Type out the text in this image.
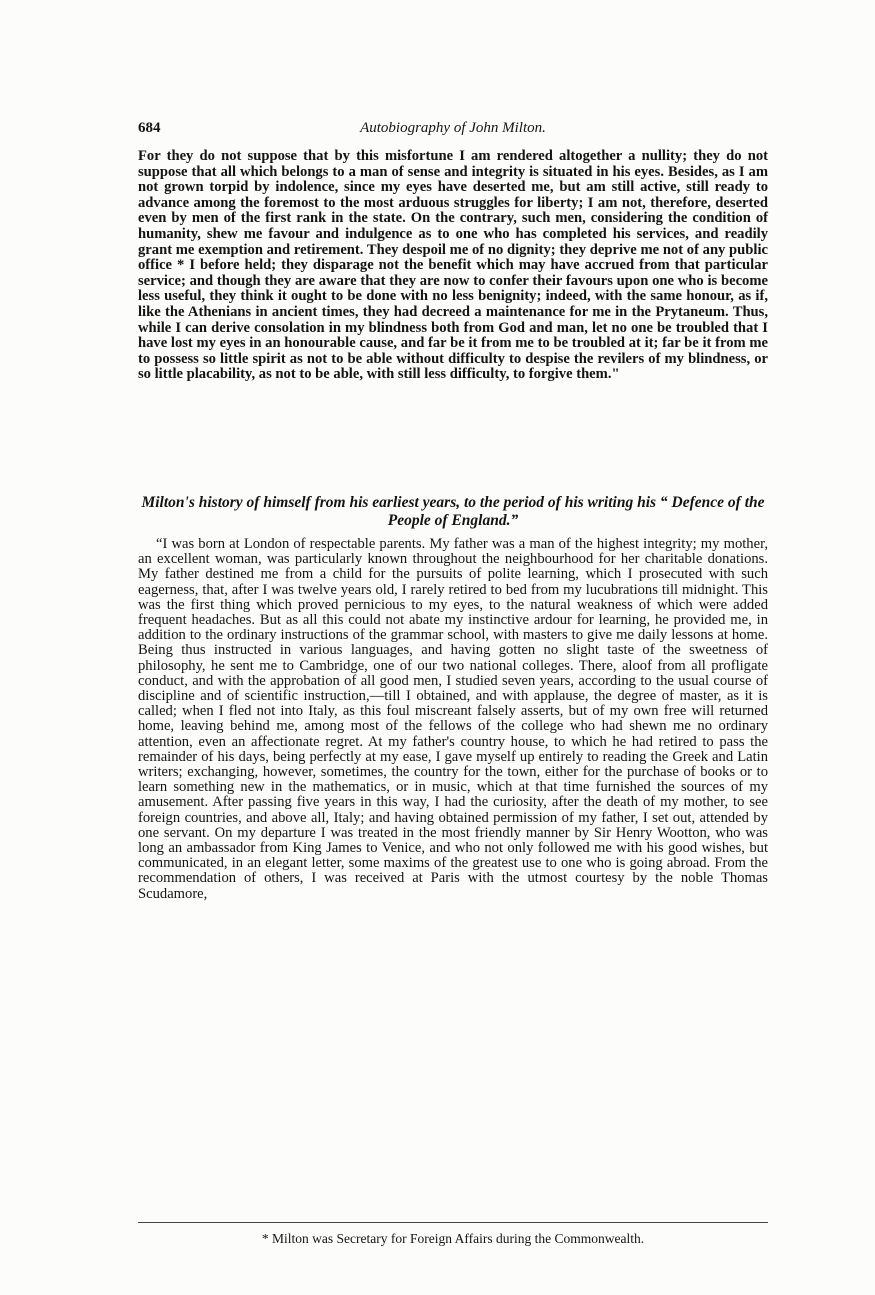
684	Autobiography of John Milton.

For they do not suppose that by this misfortune I am rendered altogether a nullity; they do not suppose that all which belongs to a man of sense and integrity is situated in his eyes. Besides, as I am not grown torpid by indolence, since my eyes have deserted me, but am still active, still ready to advance among the foremost to the most arduous struggles for liberty; I am not, therefore, deserted even by men of the first rank in the state. On the contrary, such men, considering the condition of humanity, shew me favour and indulgence as to one who has completed his services, and readily grant me exemption and retirement. They despoil me of no dignity; they deprive me not of any public office * I before held; they disparage not the benefit which may have accrued from that particular service; and though they are aware that they are now to confer their favours upon one who is become less useful, they think it ought to be done with no less benignity; indeed, with the same honour, as if, like the Athenians in ancient times, they had decreed a maintenance for me in the Prytaneum. Thus, while I can derive consolation in my blindness both from God and man, let no one be troubled that I have lost my eyes in an honourable cause, and far be it from me to be troubled at it; far be it from me to possess so little spirit as not to be able without difficulty to despise the revilers of my blindness, or so little placability, as not to be able, with still less difficulty, to forgive them."

Milton's history of himself from his earliest years, to the period of his writing his “ Defence of the People of England.”

“I was born at London of respectable parents. My father was a man of the highest integrity; my mother, an excellent woman, was particularly known throughout the neighbourhood for her charitable donations. My father destined me from a child for the pursuits of polite learning, which I prosecuted with such eagerness, that, after I was twelve years old, I rarely retired to bed from my lucubrations till midnight. This was the first thing which proved pernicious to my eyes, to the natural weakness of which were added frequent headaches. But as all this could not abate my instinctive ardour for learning, he provided me, in addition to the ordinary instructions of the grammar school, with masters to give me daily lessons at home. Being thus instructed in various languages, and having gotten no slight taste of the sweetness of philosophy, he sent me to Cambridge, one of our two national colleges. There, aloof from all profligate conduct, and with the approbation of all good men, I studied seven years, according to the usual course of discipline and of scientific instruction,—till I obtained, and with applause, the degree of master, as it is called; when I fled not into Italy, as this foul miscreant falsely asserts, but of my own free will returned home, leaving behind me, among most of the fellows of the college who had shewn me no ordinary attention, even an affectionate regret. At my father's country house, to which he had retired to pass the remainder of his days, being perfectly at my ease, I gave myself up entirely to reading the Greek and Latin writers; exchanging, however, sometimes, the country for the town, either for the purchase of books or to learn something new in the mathematics, or in music, which at that time furnished the sources of my amusement. After passing five years in this way, I had the curiosity, after the death of my mother, to see foreign countries, and above all, Italy; and having obtained permission of my father, I set out, attended by one servant. On my departure I was treated in the most friendly manner by Sir Henry Wootton, who was long an ambassador from King James to Venice, and who not only followed me with his good wishes, but communicated, in an elegant letter, some maxims of the greatest use to one who is going abroad. From the recommendation of others, I was received at Paris with the utmost courtesy by the noble Thomas Scudamore,

* Milton was Secretary for Foreign Affairs during the Commonwealth.
